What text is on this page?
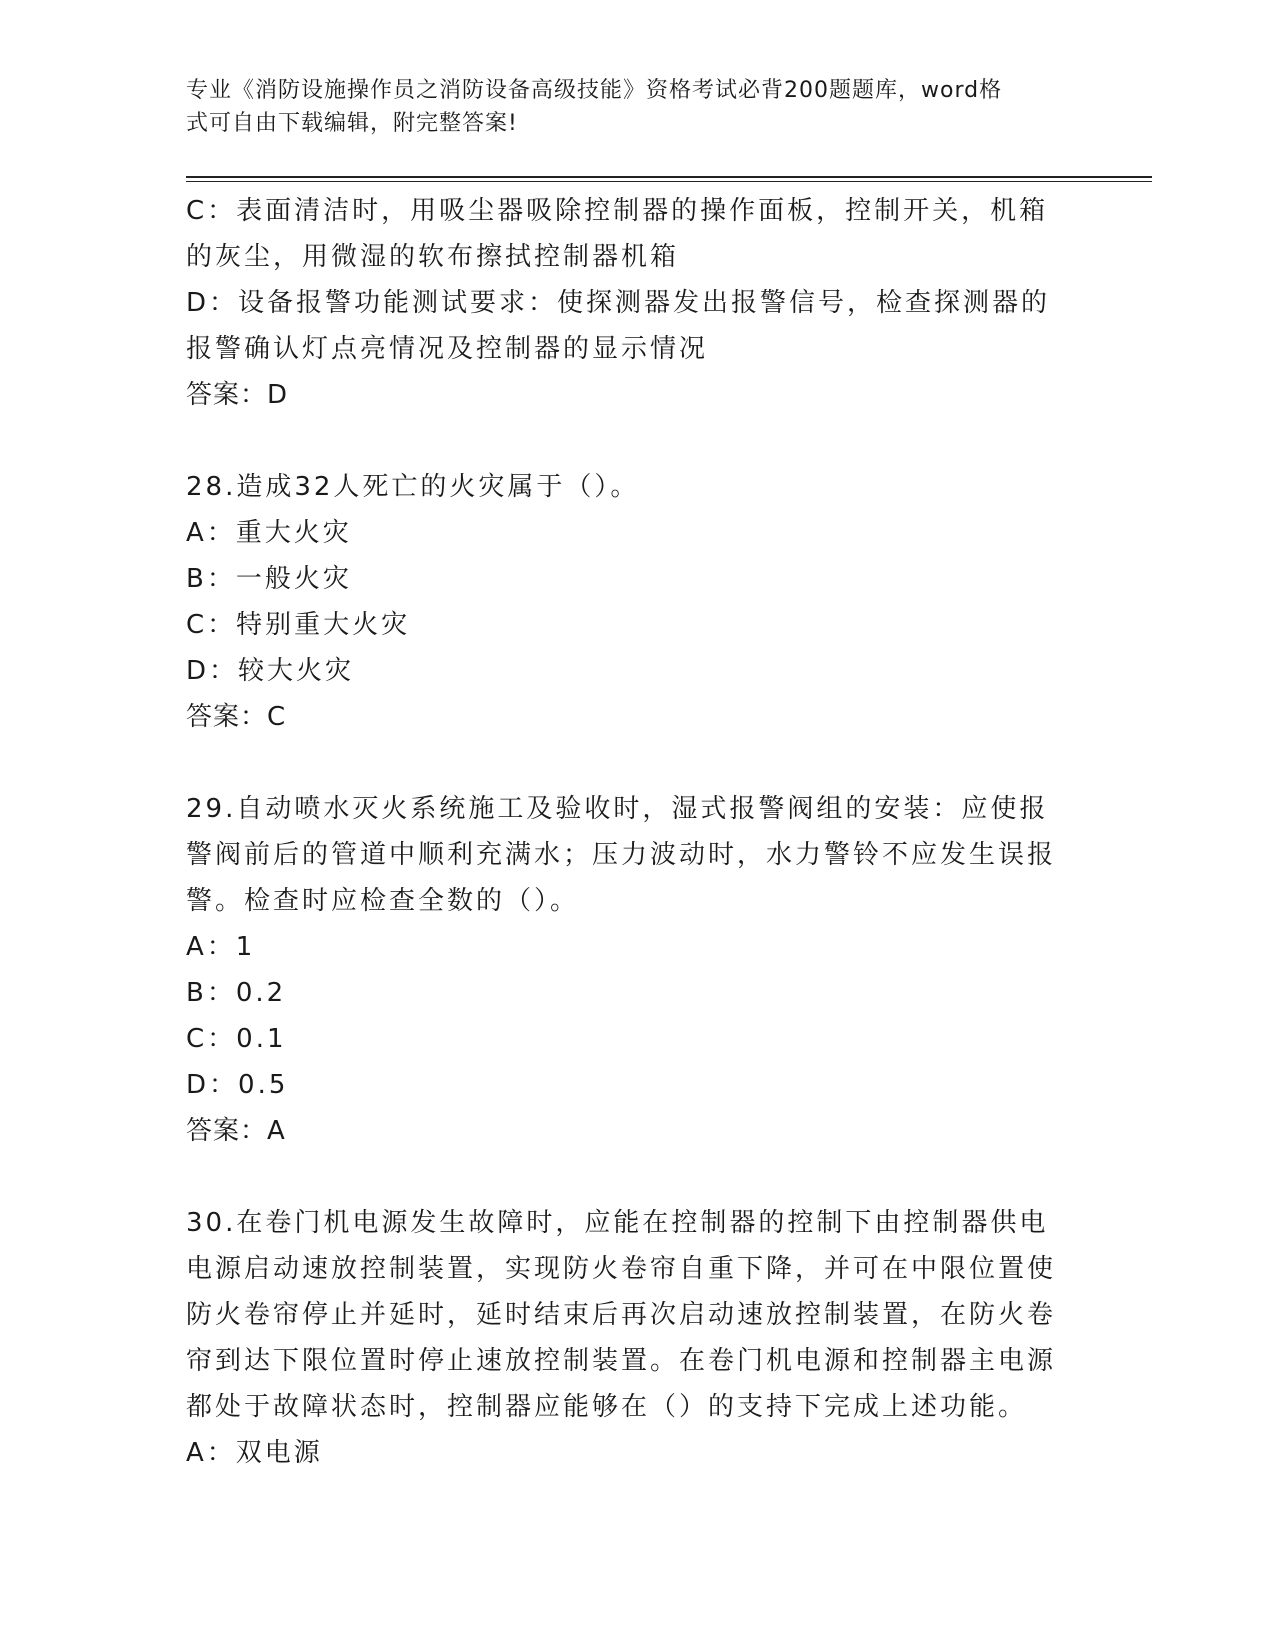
专业《消防设施操作员之消防设备高级技能》资格考试必背200题题库，word格
式可自由下载编辑，附完整答案!
C：表面清洁时，用吸尘器吸除控制器的操作面板，控制开关，机箱的灰尘，用微湿的软布擦拭控制器机箱
D：设备报警功能测试要求：使探测器发出报警信号，检查探测器的报警确认灯点亮情况及控制器的显示情况
答案：D
28.造成32人死亡的火灾属于（）。
A：重大火灾
B：一般火灾
C：特别重大火灾
D：较大火灾
答案：C
29.自动喷水灭火系统施工及验收时，湿式报警阀组的安装：应使报警阀前后的管道中顺利充满水；压力波动时，水力警铃不应发生误报警。检查时应检查全数的（）。
A：1
B：0.2
C：0.1
D：0.5
答案：A
30.在卷门机电源发生故障时，应能在控制器的控制下由控制器供电电源启动速放控制装置，实现防火卷帘自重下降，并可在中限位置使防火卷帘停止并延时，延时结束后再次启动速放控制装置，在防火卷帘到达下限位置时停止速放控制装置。在卷门机电源和控制器主电源都处于故障状态时，控制器应能够在（）的支持下完成上述功能。
A：双电源
